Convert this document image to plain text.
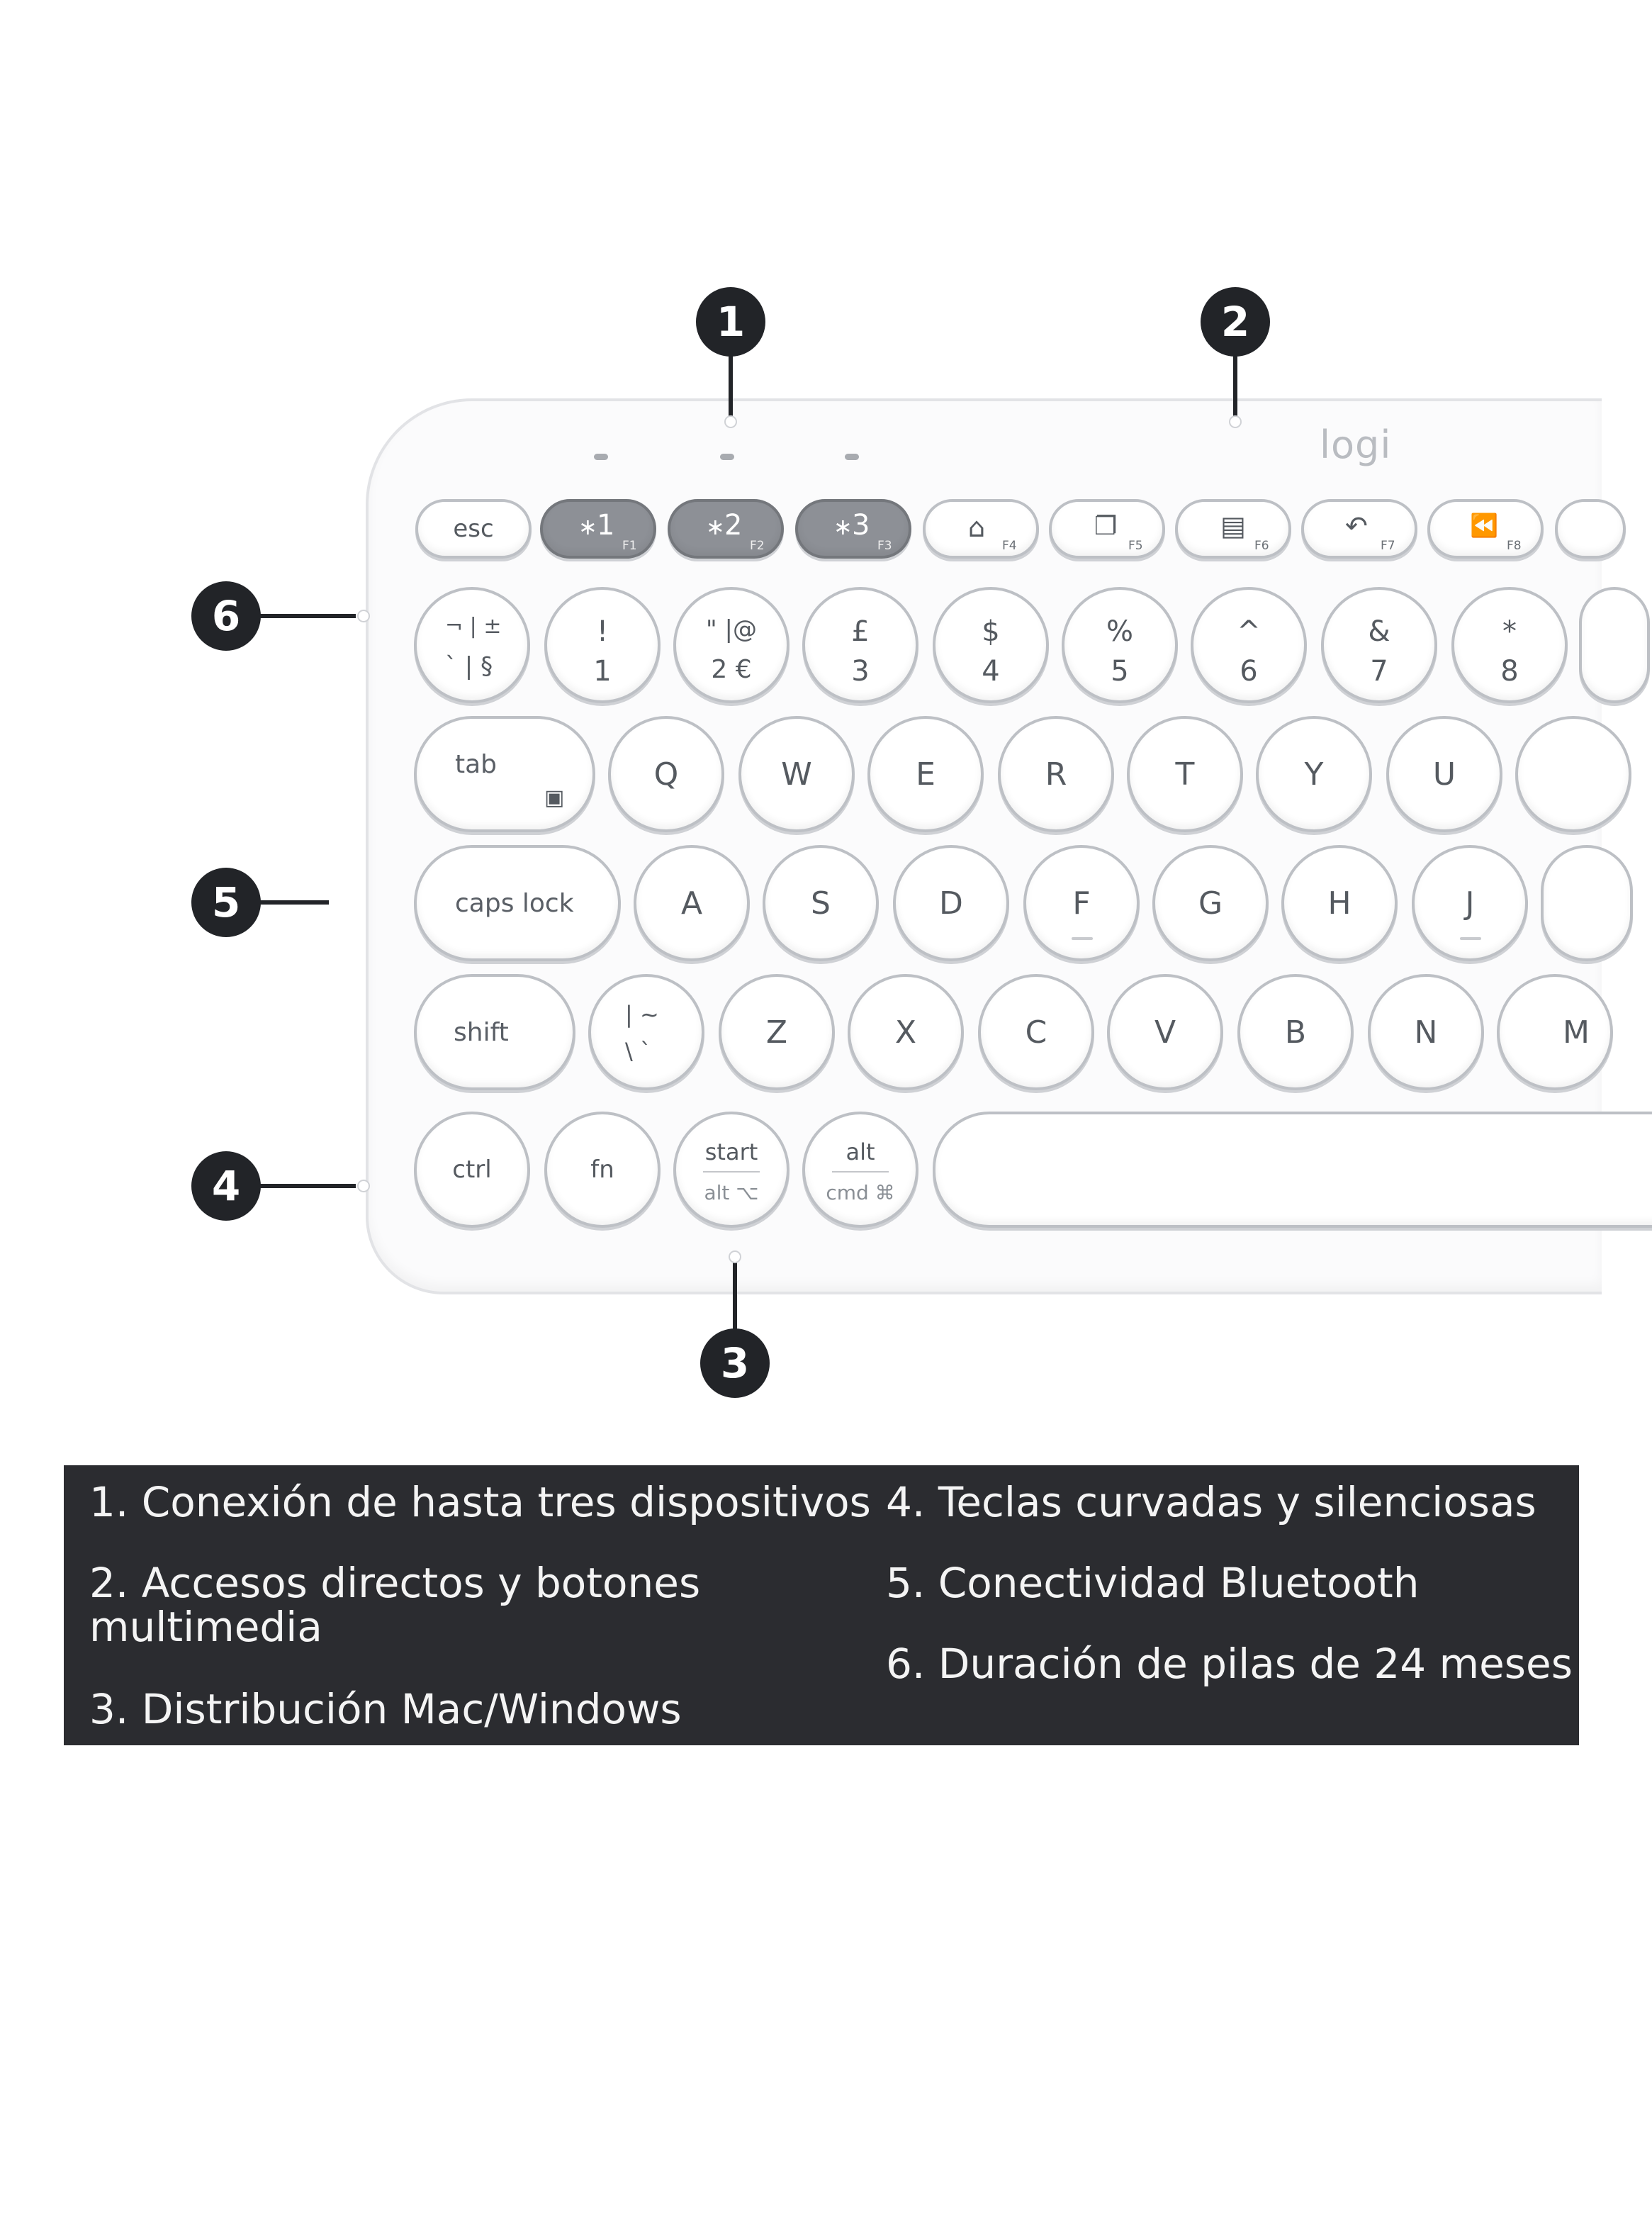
logi
esc	∗ 1
F1
∗ 2
F2
∗ 3
F3
⌂
F4
❐
F5
▤
F6
↶
F7
⏪
F8
¬ | ±
` | §
!
1
" |@
2 €
£
3
$
4
%
5
^
6
&
7
*
8
tab
▣
Q	W	E	R	T	Y	U
caps lock	A	S	D	F	G	H	J
shift
| ~
\ `
Z	X	C	V	B	N	M
ctrl	fn
start
alt ⌥
alt
cmd ⌘
1	2
3
4
5
6
1. Conexión de hasta tres dispositivos
2. Accesos directos y botones
multimedia
3. Distribución Mac/Windows
4. Teclas curvadas y silenciosas
5. Conectividad Bluetooth
6. Duración de pilas de 24 meses
